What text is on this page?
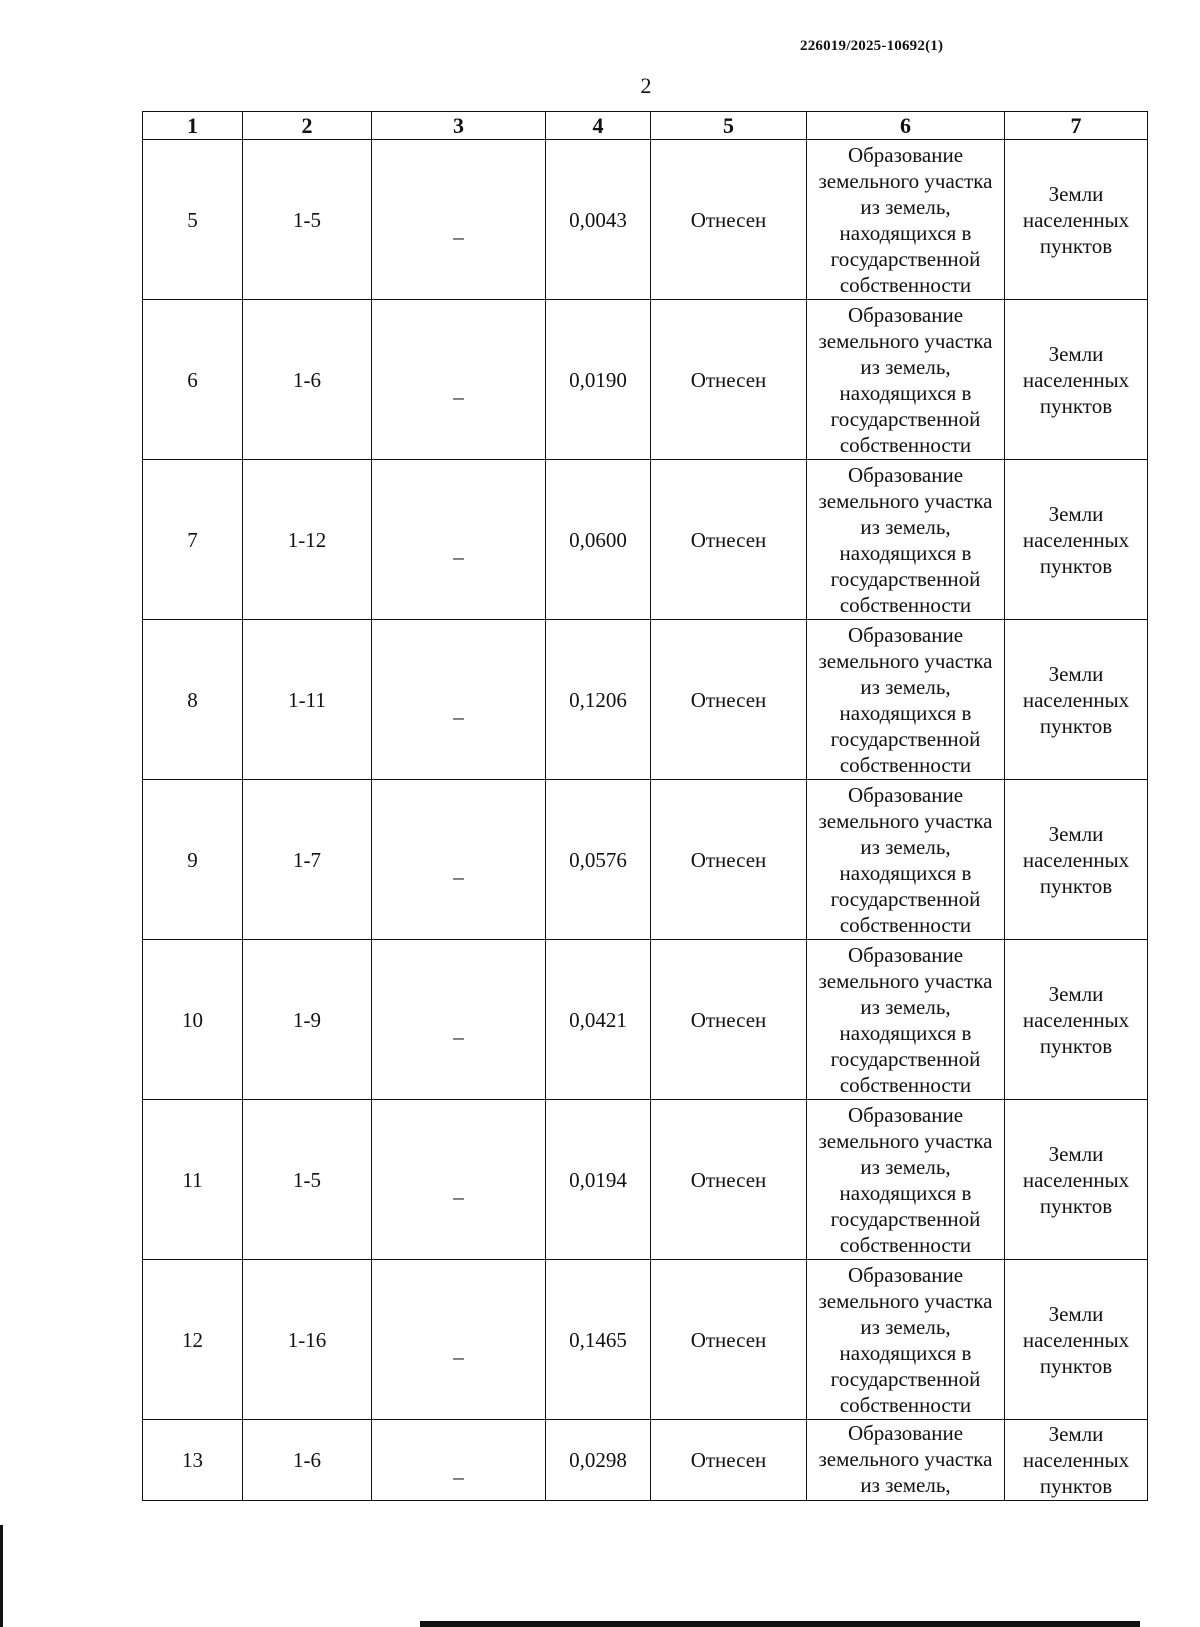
226019/2025-10692(1)
2
1	2	3	4	5	6	7
5	1-5	_	0,0043	Отнесен	Образование земельного участка из земель, находящихся в государственной собственности	Земли населенных пунктов
6	1-6	_	0,0190	Отнесен	Образование земельного участка из земель, находящихся в государственной собственности	Земли населенных пунктов
7	1-12	_	0,0600	Отнесен	Образование земельного участка из земель, находящихся в государственной собственности	Земли населенных пунктов
8	1-11	_	0,1206	Отнесен	Образование земельного участка из земель, находящихся в государственной собственности	Земли населенных пунктов
9	1-7	_	0,0576	Отнесен	Образование земельного участка из земель, находящихся в государственной собственности	Земли населенных пунктов
10	1-9	_	0,0421	Отнесен	Образование земельного участка из земель, находящихся в государственной собственности	Земли населенных пунктов
11	1-5	_	0,0194	Отнесен	Образование земельного участка из земель, находящихся в государственной собственности	Земли населенных пунктов
12	1-16	_	0,1465	Отнесен	Образование земельного участка из земель, находящихся в государственной собственности	Земли населенных пунктов
13	1-6	_	0,0298	Отнесен	Образование земельного участка из земель,	Земли населенных пунктов
